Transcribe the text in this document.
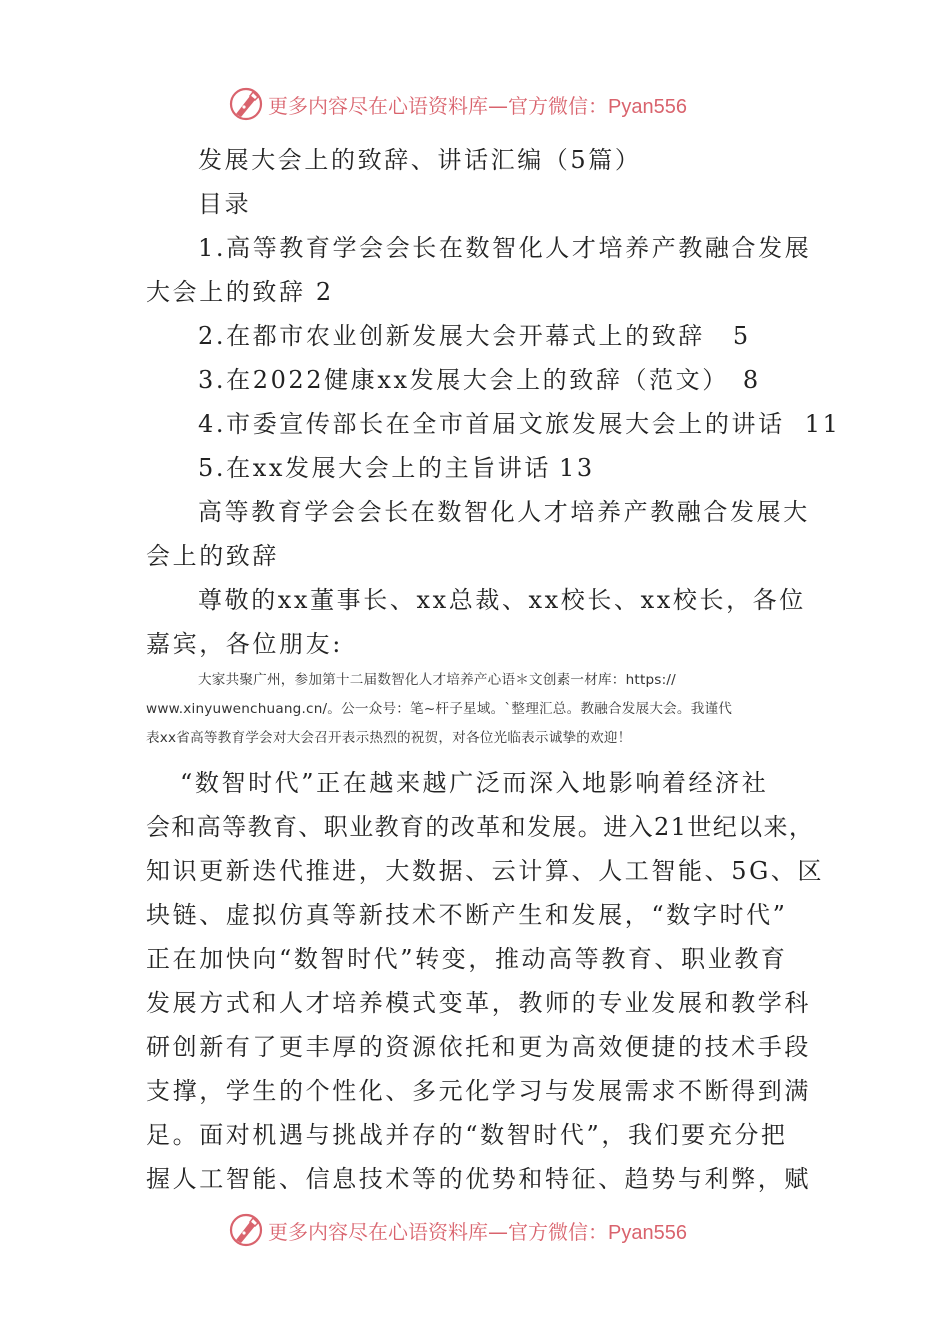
更多内容尽在心语资料库—官方微信：Pyan556
发展大会上的致辞、讲话汇编（5篇）
目录
1.高等教育学会会长在数智化人才培养产教融合发展
大会上的致辞 2
2.在都市农业创新发展大会开幕式上的致辞 5
3.在2022健康xx发展大会上的致辞（范文） 8
4.市委宣传部长在全市首届文旅发展大会上的讲话 11
5.在xx发展大会上的主旨讲话 13
高等教育学会会长在数智化人才培养产教融合发展大
会上的致辞
尊敬的xx董事长、xx总裁、xx校长、xx校长，各位
嘉宾，各位朋友:
大家共聚广州，参加第十二届数智化人才培养产心语＊文创素一材库：https://
www.xinyuwenchuang.cn/。公一众号：笔~杆子星域。`整理汇总。教融合发展大会。我谨代
表xx省高等教育学会对大会召开表示热烈的祝贺，对各位光临表示诚挚的欢迎！
“数智时代”正在越来越广泛而深入地影响着经济社
会和高等教育、职业教育的改革和发展。进入21世纪以来，
知识更新迭代推进，大数据、云计算、人工智能、5G、区
块链、虚拟仿真等新技术不断产生和发展，“数字时代”
正在加快向“数智时代”转变，推动高等教育、职业教育
发展方式和人才培养模式变革，教师的专业发展和教学科
研创新有了更丰厚的资源依托和更为高效便捷的技术手段
支撑，学生的个性化、多元化学习与发展需求不断得到满
足。面对机遇与挑战并存的“数智时代”，我们要充分把
握人工智能、信息技术等的优势和特征、趋势与利弊，赋
更多内容尽在心语资料库—官方微信：Pyan556
